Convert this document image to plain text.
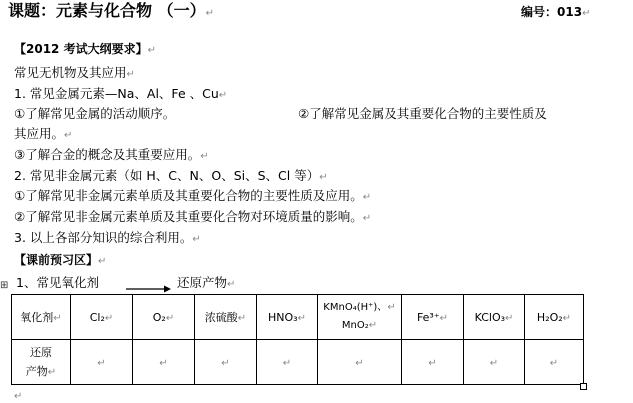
课题：元素与化合物 （一）↵	编号：013↵
【2012 考试大纲要求】↵
常见无机物及其应用↵
1. 常见金属元素—Na、Al、Fe 、Cu↵
①了解常见金属的活动顺序。	②了解常见金属及其重要化合物的主要性质及
其应用。↵
③了解合金的概念及其重要应用。↵
2. 常见非金属元素（如 H、C、N、O、Si、S、Cl 等）↵
①了解常见非金属元素单质及其重要化合物的主要性质及应用。↵
②了解常见非金属元素单质及其重要化合物对环境质量的影响。↵
3. 以上各部分知识的综合利用。↵
【课前预习区】↵
⊞ 1、常见氧化剂	还原产物↵
氧化剂↵	Cl₂↵	O₂↵	浓硫酸↵	HNO₃↵	KMnO₄(H⁺)、↵
MnO₂↵	Fe³⁺↵	KClO₃↵	H₂O₂↵
还原
产物↵	↵	↵	↵	↵	↵	↵	↵	↵
↵
